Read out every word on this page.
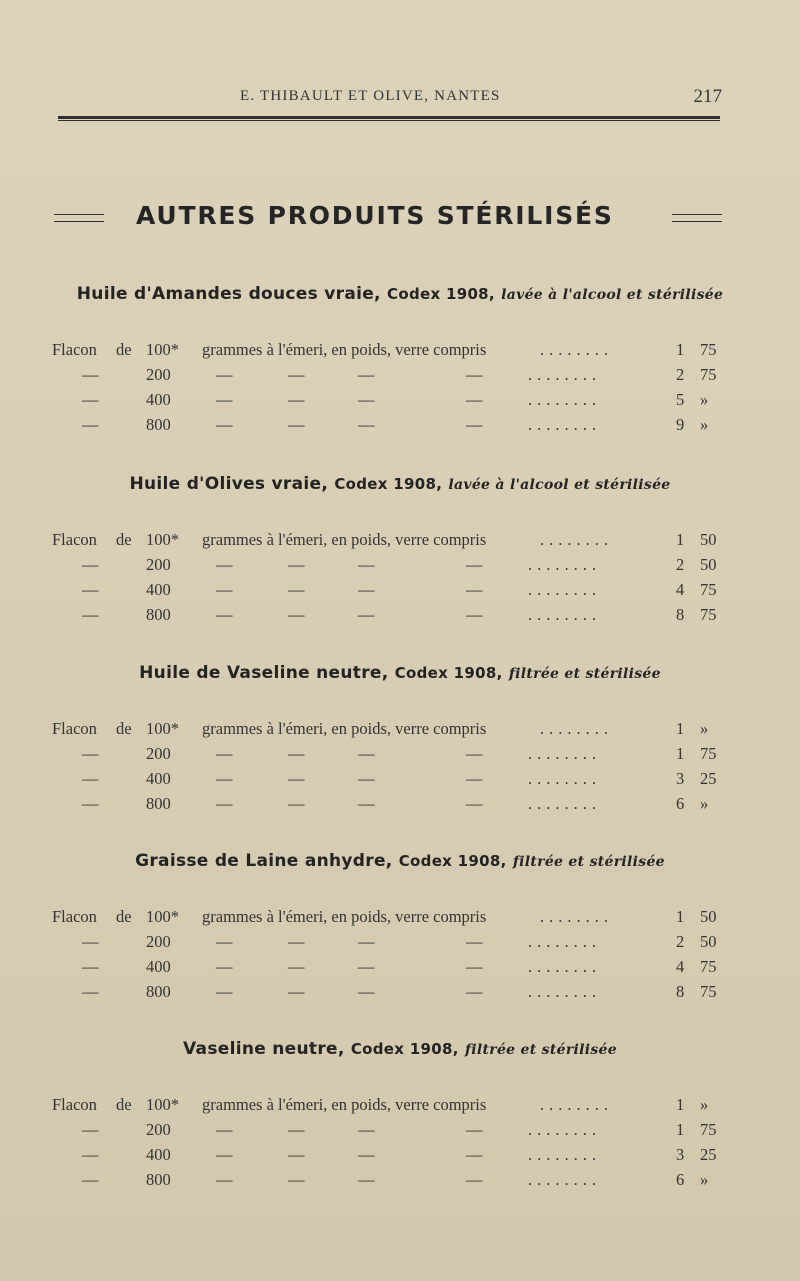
E. THIBAULT ET OLIVE, NANTES	217
AUTRES PRODUITS STÉRILISÉS
Huile d'Amandes douces vraie, Codex 1908, lavée à l'alcool et stérilisée
Flacon de 100* grammes à l'émeri, en poids, verre compris	........	1 75
—	200	—	—	—	—	........	2 75
—	400	—	—	—	—	........	5 »
—	800	—	—	—	—	........	9 »
Huile d'Olives vraie, Codex 1908, lavée à l'alcool et stérilisée
Flacon de 100* grammes à l'émeri, en poids, verre compris	........	1 50
—	200	—	—	—	—	........	2 50
—	400	—	—	—	—	........	4 75
—	800	—	—	—	—	........	8 75
Huile de Vaseline neutre, Codex 1908, filtrée et stérilisée
Flacon de 100* grammes à l'émeri, en poids, verre compris	........	1 »
—	200	—	—	—	—	........	1 75
—	400	—	—	—	—	........	3 25
—	800	—	—	—	—	........	6 »
Graisse de Laine anhydre, Codex 1908, filtrée et stérilisée
Flacon de 100* grammes à l'émeri, en poids, verre compris	........	1 50
—	200	—	—	—	—	........	2 50
—	400	—	—	—	—	........	4 75
—	800	—	—	—	—	........	8 75
Vaseline neutre, Codex 1908, filtrée et stérilisée
Flacon de 100* grammes à l'émeri, en poids, verre compris	........	1 »
—	200	—	—	—	—	........	1 75
—	400	—	—	—	—	........	3 25
—	800	—	—	—	—	........	6 »
